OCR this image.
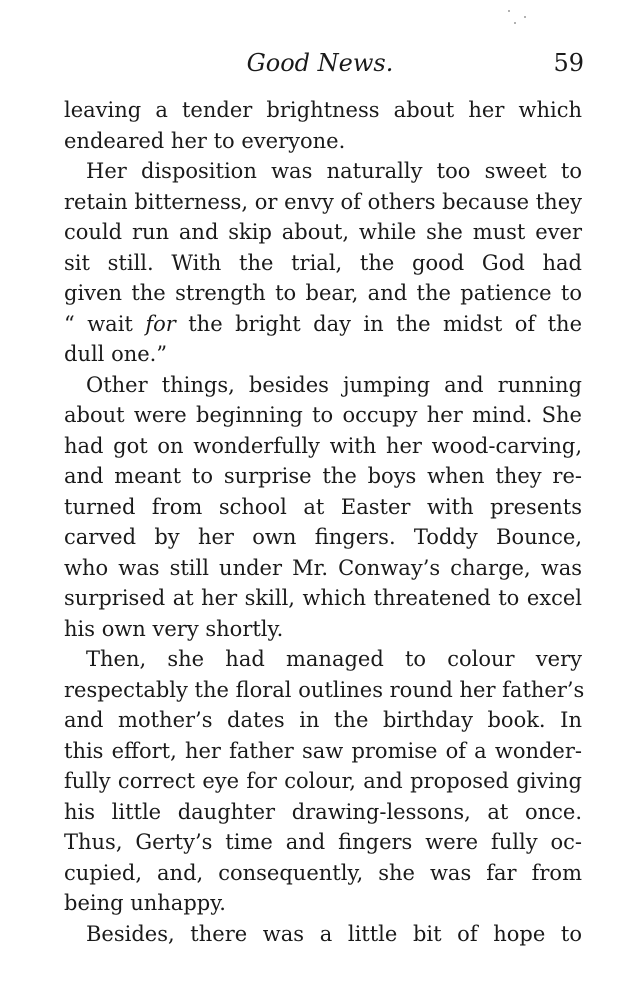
Good News.	59
leaving a tender brightness about her which
endeared her to everyone.
Her disposition was naturally too sweet to
retain bitterness, or envy of others because they
could run and skip about, while she must ever
sit still. With the trial, the good God had
given the strength to bear, and the patience to
“ wait for the bright day in the midst of the
dull one.”
Other things, besides jumping and running
about were beginning to occupy her mind. She
had got on wonderfully with her wood-carving,
and meant to surprise the boys when they re-
turned from school at Easter with presents
carved by her own fingers. Toddy Bounce,
who was still under Mr. Conway’s charge, was
surprised at her skill, which threatened to excel
his own very shortly.
Then, she had managed to colour very
respectably the floral outlines round her father’s
and mother’s dates in the birthday book. In
this effort, her father saw promise of a wonder-
fully correct eye for colour, and proposed giving
his little daughter drawing-lessons, at once.
Thus, Gerty’s time and fingers were fully oc-
cupied, and, consequently, she was far from
being unhappy.
Besides, there was a little bit of hope to
